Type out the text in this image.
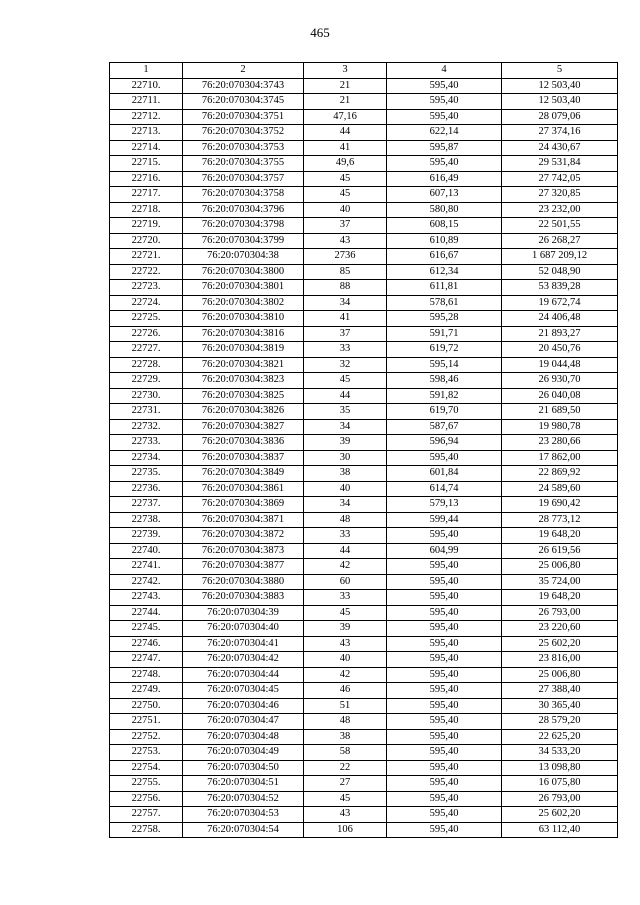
465
1	2	3	4	5
22710.	76:20:070304:3743	21	595,40	12 503,40
22711.	76:20:070304:3745	21	595,40	12 503,40
22712.	76:20:070304:3751	47,16	595,40	28 079,06
22713.	76:20:070304:3752	44	622,14	27 374,16
22714.	76:20:070304:3753	41	595,87	24 430,67
22715.	76:20:070304:3755	49,6	595,40	29 531,84
22716.	76:20:070304:3757	45	616,49	27 742,05
22717.	76:20:070304:3758	45	607,13	27 320,85
22718.	76:20:070304:3796	40	580,80	23 232,00
22719.	76:20:070304:3798	37	608,15	22 501,55
22720.	76:20:070304:3799	43	610,89	26 268,27
22721.	76:20:070304:38	2736	616,67	1 687 209,12
22722.	76:20:070304:3800	85	612,34	52 048,90
22723.	76:20:070304:3801	88	611,81	53 839,28
22724.	76:20:070304:3802	34	578,61	19 672,74
22725.	76:20:070304:3810	41	595,28	24 406,48
22726.	76:20:070304:3816	37	591,71	21 893,27
22727.	76:20:070304:3819	33	619,72	20 450,76
22728.	76:20:070304:3821	32	595,14	19 044,48
22729.	76:20:070304:3823	45	598,46	26 930,70
22730.	76:20:070304:3825	44	591,82	26 040,08
22731.	76:20:070304:3826	35	619,70	21 689,50
22732.	76:20:070304:3827	34	587,67	19 980,78
22733.	76:20:070304:3836	39	596,94	23 280,66
22734.	76:20:070304:3837	30	595,40	17 862,00
22735.	76:20:070304:3849	38	601,84	22 869,92
22736.	76:20:070304:3861	40	614,74	24 589,60
22737.	76:20:070304:3869	34	579,13	19 690,42
22738.	76:20:070304:3871	48	599,44	28 773,12
22739.	76:20:070304:3872	33	595,40	19 648,20
22740.	76:20:070304:3873	44	604,99	26 619,56
22741.	76:20:070304:3877	42	595,40	25 006,80
22742.	76:20:070304:3880	60	595,40	35 724,00
22743.	76:20:070304:3883	33	595,40	19 648,20
22744.	76:20:070304:39	45	595,40	26 793,00
22745.	76:20:070304:40	39	595,40	23 220,60
22746.	76:20:070304:41	43	595,40	25 602,20
22747.	76:20:070304:42	40	595,40	23 816,00
22748.	76:20:070304:44	42	595,40	25 006,80
22749.	76:20:070304:45	46	595,40	27 388,40
22750.	76:20:070304:46	51	595,40	30 365,40
22751.	76:20:070304:47	48	595,40	28 579,20
22752.	76:20:070304:48	38	595,40	22 625,20
22753.	76:20:070304:49	58	595,40	34 533,20
22754.	76:20:070304:50	22	595,40	13 098,80
22755.	76:20:070304:51	27	595,40	16 075,80
22756.	76:20:070304:52	45	595,40	26 793,00
22757.	76:20:070304:53	43	595,40	25 602,20
22758.	76:20:070304:54	106	595,40	63 112,40
